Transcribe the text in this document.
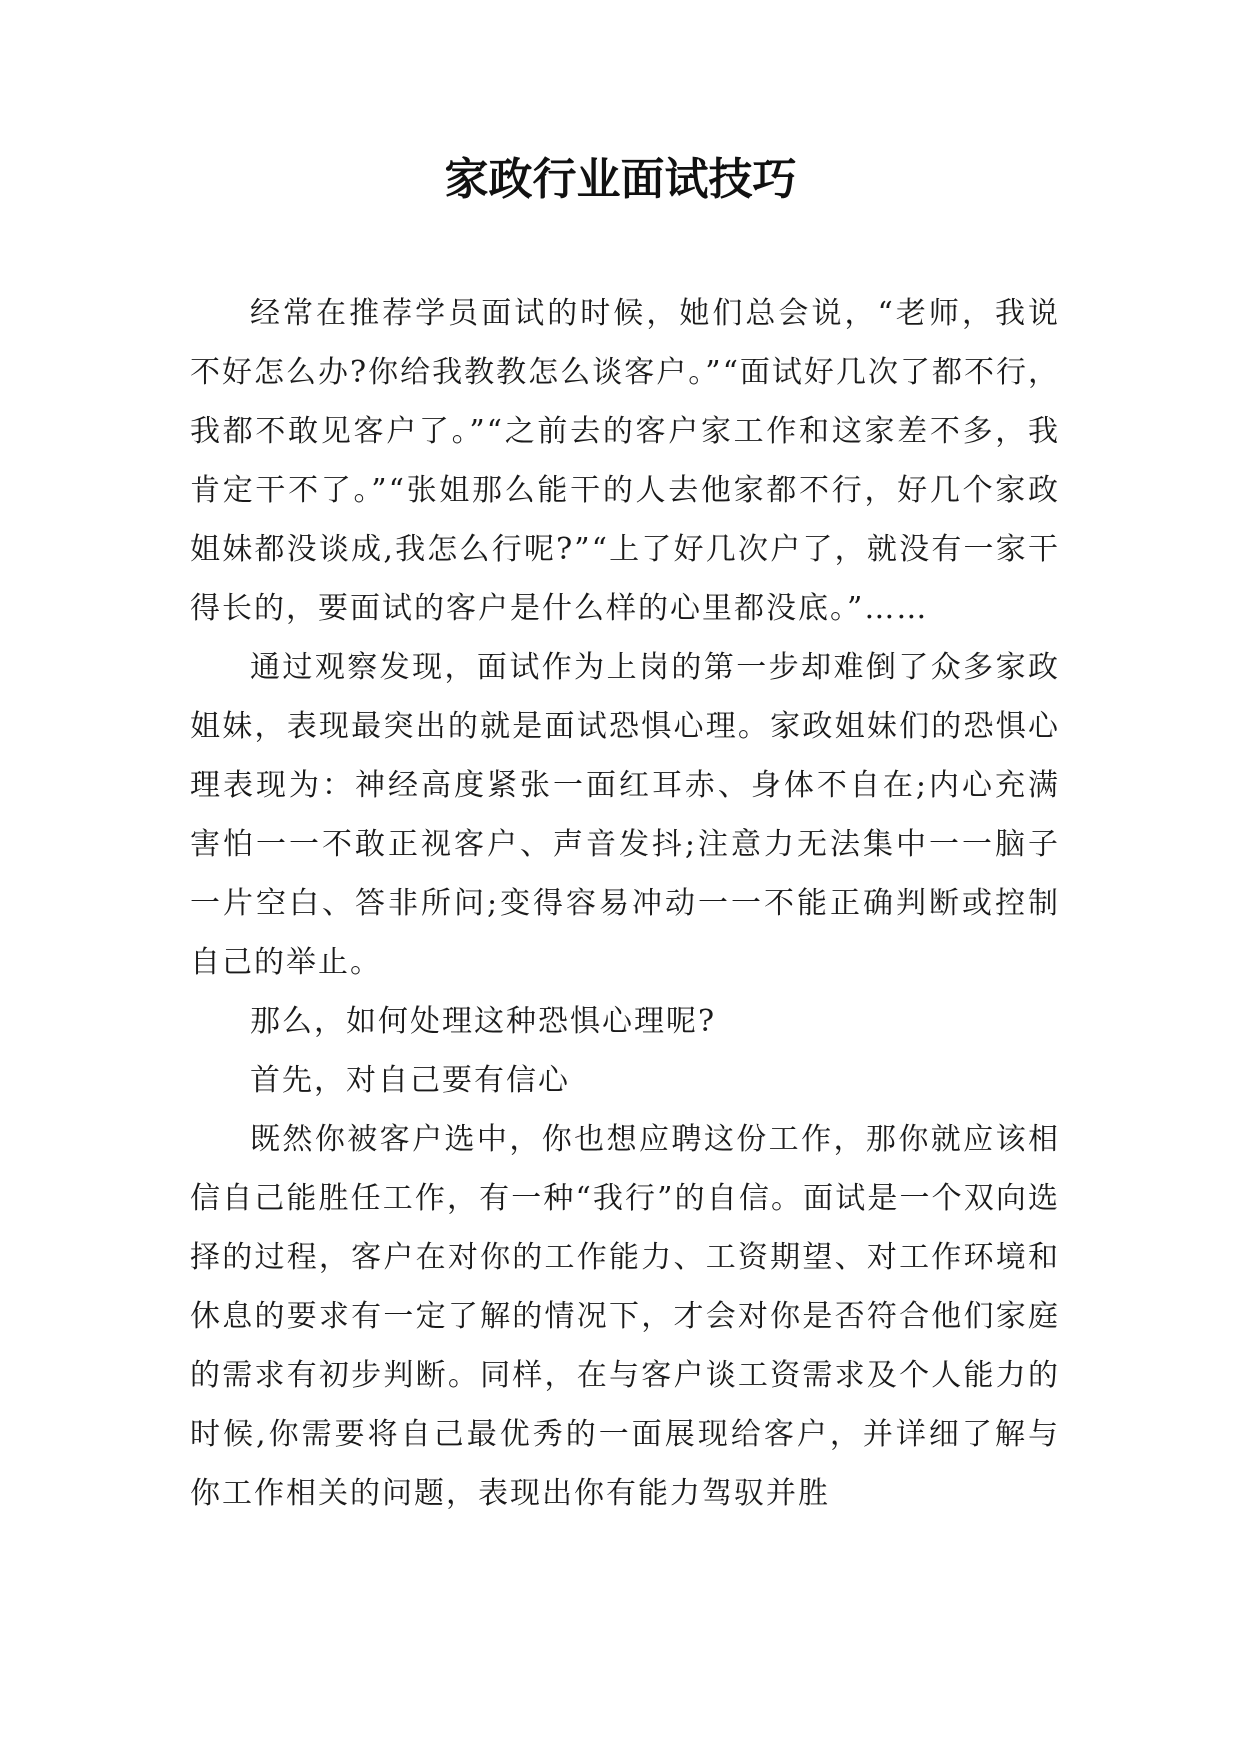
家政行业面试技巧

经常在推荐学员面试的时候，她们总会说，“老师，我说不好怎么办?你给我教教怎么谈客户。”“面试好几次了都不行，我都不敢见客户了。”“之前去的客户家工作和这家差不多，我肯定干不了。”“张姐那么能干的人去他家都不行，好几个家政姐妹都没谈成,我怎么行呢?”“上了好几次户了，就没有一家干得长的，要面试的客户是什么样的心里都没底。”……

通过观察发现，面试作为上岗的第一步却难倒了众多家政姐妹，表现最突出的就是面试恐惧心理。家政姐妹们的恐惧心理表现为：神经高度紧张一面红耳赤、身体不自在;内心充满害怕一一不敢正视客户、声音发抖;注意力无法集中一一脑子一片空白、答非所问;变得容易冲动一一不能正确判断或控制自己的举止。

那么，如何处理这种恐惧心理呢?

首先，对自己要有信心

既然你被客户选中，你也想应聘这份工作，那你就应该相信自己能胜任工作，有一种“我行”的自信。面试是一个双向选择的过程，客户在对你的工作能力、工资期望、对工作环境和休息的要求有一定了解的情况下，才会对你是否符合他们家庭的需求有初步判断。同样，在与客户谈工资需求及个人能力的时候,你需要将自己最优秀的一面展现给客户，并详细了解与你工作相关的问题，表现出你有能力驾驭并胜
